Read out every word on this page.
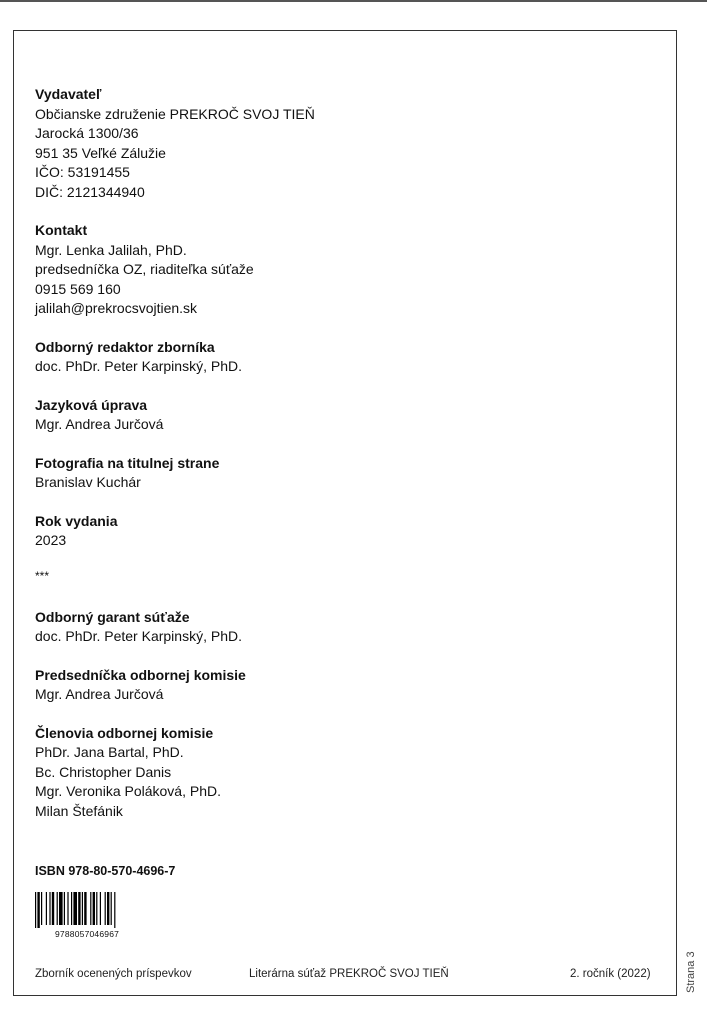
Vydavateľ
Občianske združenie PREKROČ SVOJ TIEŇ
Jarocká 1300/36
951 35 Veľké Zálužie
IČO: 53191455
DIČ: 2121344940
Kontakt
Mgr. Lenka Jalilah, PhD.
predsedníčka OZ, riaditeľka súťaže
0915 569 160
jalilah@prekrocsvojtien.sk
Odborný redaktor zborníka
doc. PhDr. Peter Karpinský, PhD.
Jazyková úprava
Mgr. Andrea Jurčová
Fotografia na titulnej strane
Branislav Kuchár
Rok vydania
2023
***
Odborný garant súťaže
doc. PhDr. Peter Karpinský, PhD.
Predsedníčka odbornej komisie
Mgr. Andrea Jurčová
Členovia odbornej komisie
PhDr. Jana Bartal, PhD.
Bc. Christopher Danis
Mgr. Veronika Poláková, PhD.
Milan Štefánik
ISBN 978-80-570-4696-7
9788057046967
Zborník ocenených príspevkov	Literárna súťaž PREKROČ SVOJ TIEŇ	2. ročník (2022)	Strana 3
